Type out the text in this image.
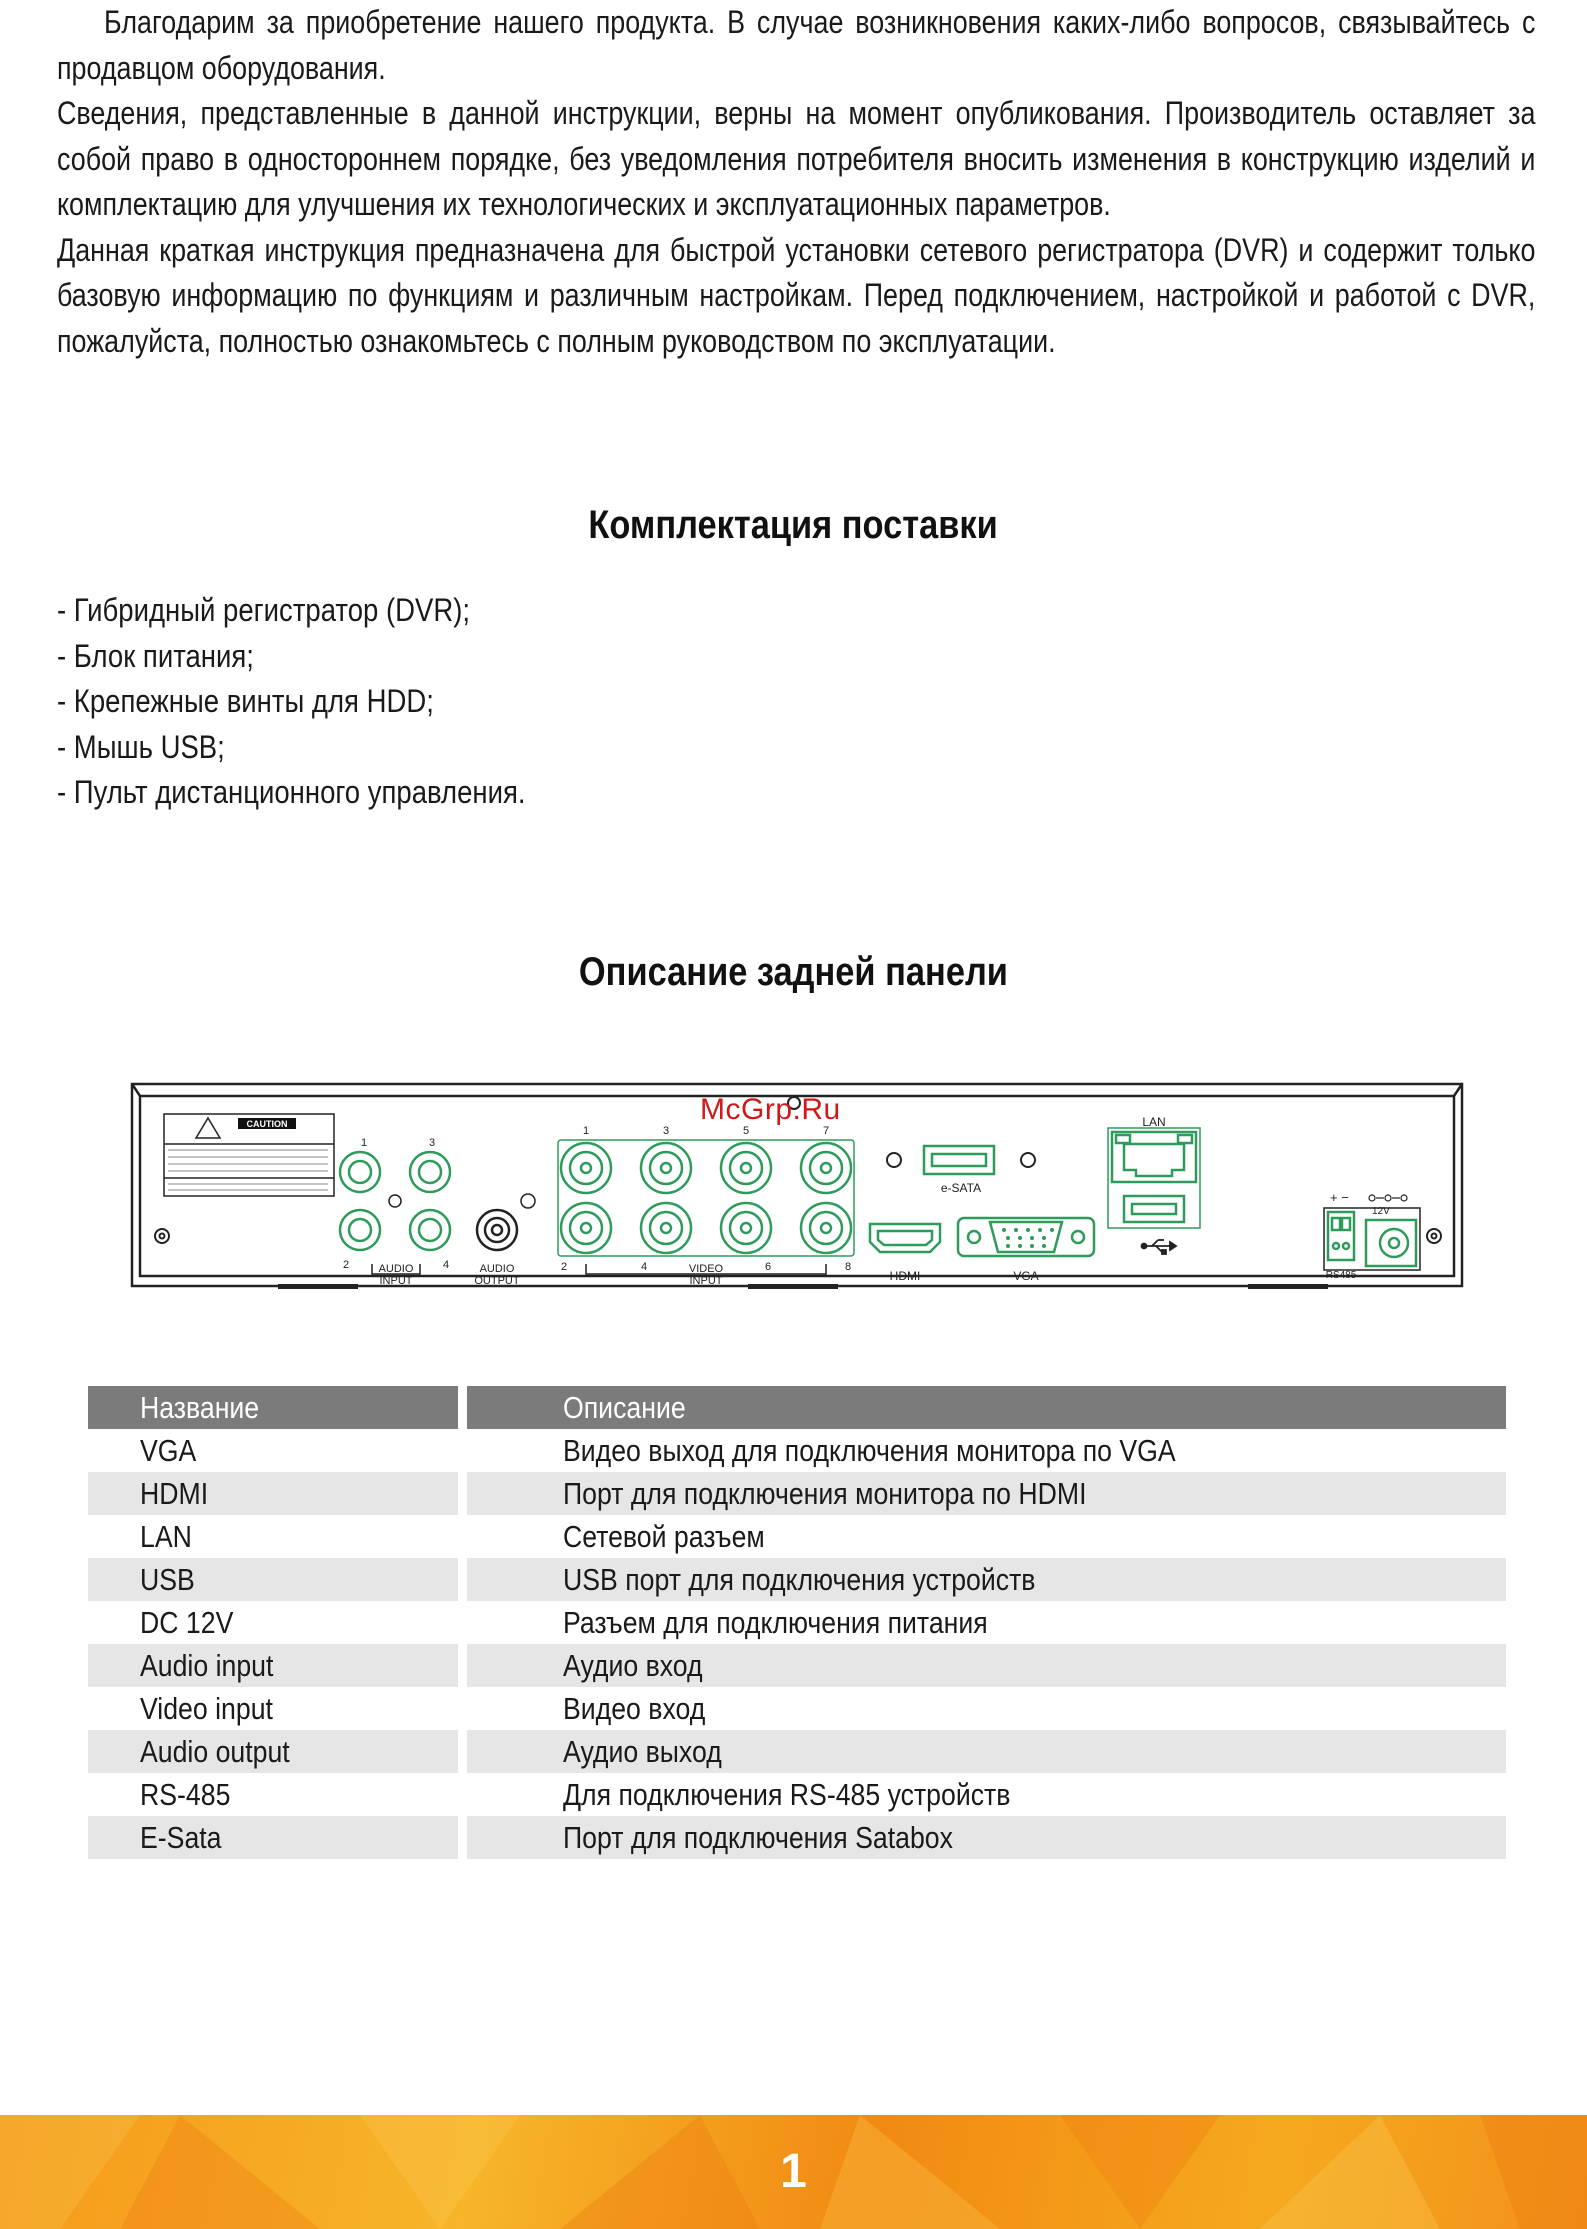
Благодарим за приобретение нашего продукта. В случае возникновения каких-либо вопросов, связывайтесь с продавцом оборудования.

Сведения, представленные в данной инструкции, верны на момент опубликования. Производитель оставляет за собой право в одностороннем порядке, без уведомления потребителя вносить изменения в конструкцию изделий и комплектацию для улучшения их технологических и эксплуатационных параметров.

Данная краткая инструкция предназначена для быстрой установки сетевого регистратора (DVR) и содержит только базовую информацию по функциям и различным настройкам. Перед подключением, настройкой и работой с DVR, пожалуйста, полностью ознакомьтесь с полным руководством по эксплуатации.

Комплектация поставки
- Гибридный регистратор (DVR);
- Блок питания;
- Крепежные винты для HDD;
- Мышь USB;
- Пульт дистанционного управления.
Описание задней панели
CAUTION
1	3
2	4
AUDIO
INPUT
AUDIO
OUTPUT
1	3	5	7
2	4	6	8
VIDEO
INPUT
e-SATA
HDMI	VGA
LAN
+ −
RS485
12V
McGrp.Ru
Название	Описание
VGA	Видео выход для подключения монитора по VGA
HDMI	Порт для подключения монитора по HDMI
LAN	Сетевой разъем
USB	USB порт для подключения устройств
DC 12V	Разъем для подключения питания
Audio input	Аудио вход
Video input	Видео вход
Audio output	Аудио выход
RS-485	Для подключения RS-485 устройств
E-Sata	Порт для подключения Satabox
1
